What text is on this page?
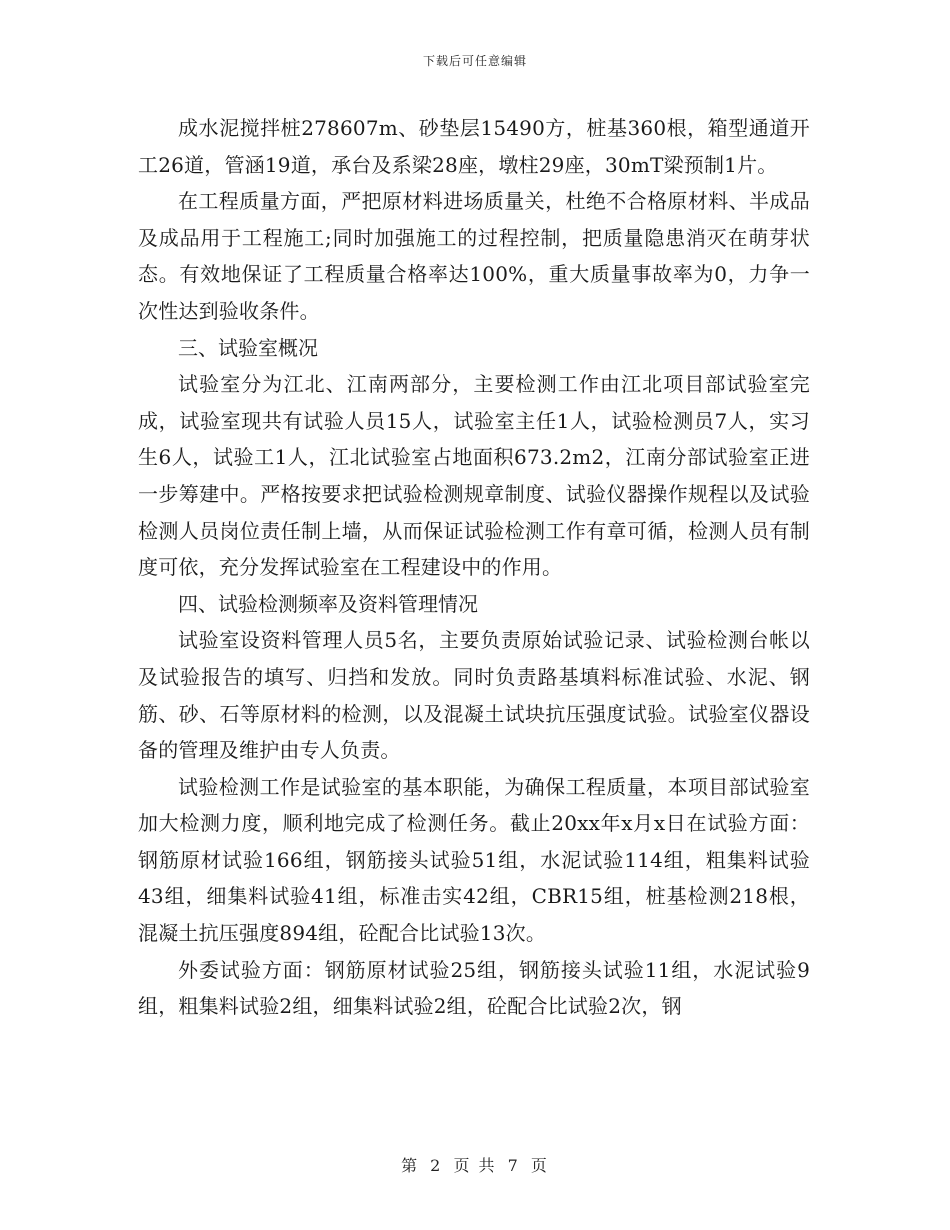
下载后可任意编辑

成水泥搅拌桩278607m、砂垫层15490方，桩基360根，箱型通道开工26道，管涵19道，承台及系梁28座，墩柱29座，30mT梁预制1片。

在工程质量方面，严把原材料进场质量关，杜绝不合格原材料、半成品及成品用于工程施工;同时加强施工的过程控制，把质量隐患消灭在萌芽状态。有效地保证了工程质量合格率达100%，重大质量事故率为0，力争一次性达到验收条件。

三、试验室概况

试验室分为江北、江南两部分，主要检测工作由江北项目部试验室完成，试验室现共有试验人员15人，试验室主任1人，试验检测员7人，实习生6人，试验工1人，江北试验室占地面积673.2m2，江南分部试验室正进一步筹建中。严格按要求把试验检测规章制度、试验仪器操作规程以及试验检测人员岗位责任制上墙，从而保证试验检测工作有章可循，检测人员有制度可依，充分发挥试验室在工程建设中的作用。

四、试验检测频率及资料管理情况

试验室设资料管理人员5名，主要负责原始试验记录、试验检测台帐以及试验报告的填写、归挡和发放。同时负责路基填料标准试验、水泥、钢筋、砂、石等原材料的检测，以及混凝土试块抗压强度试验。试验室仪器设备的管理及维护由专人负责。

试验检测工作是试验室的基本职能，为确保工程质量，本项目部试验室加大检测力度，顺利地完成了检测任务。截止20xx年x月x日在试验方面：钢筋原材试验166组，钢筋接头试验51组，水泥试验114组，粗集料试验43组，细集料试验41组，标准击实42组，CBR15组，桩基检测218根，混凝土抗压强度894组，砼配合比试验13次。

外委试验方面：钢筋原材试验25组，钢筋接头试验11组，水泥试验9组，粗集料试验2组，细集料试验2组，砼配合比试验2次，钢

第 2 页 共 7 页
